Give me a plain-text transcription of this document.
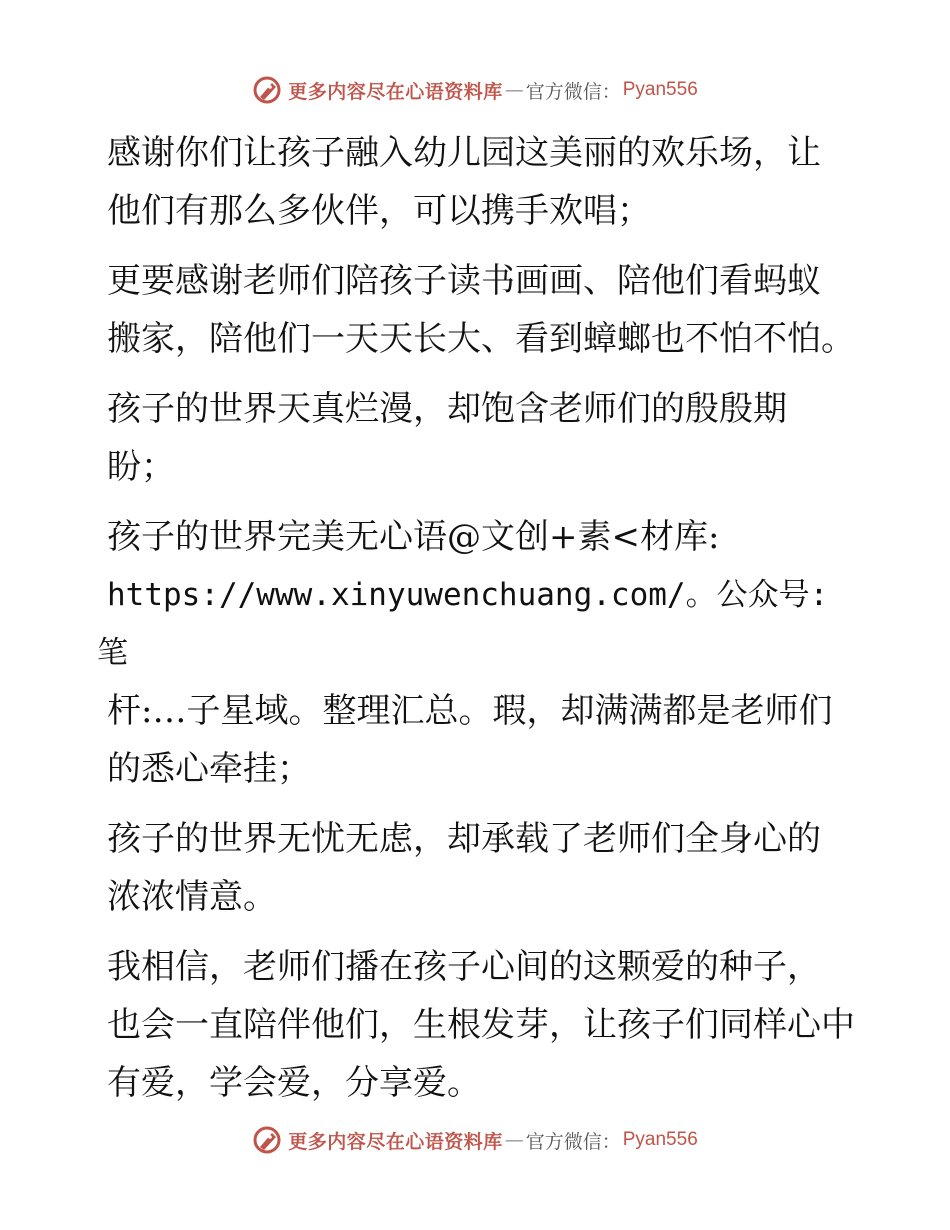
更多内容尽在心语资料库 — 官方微信： Pyan556
感谢你们让孩子融入幼儿园这美丽的欢乐场，让
他们有那么多伙伴，可以携手欢唱；
更要感谢老师们陪孩子读书画画、陪他们看蚂蚁
搬家，陪他们一天天长大、看到蟑螂也不怕不怕。
孩子的世界天真烂漫，却饱含老师们的殷殷期
盼；
孩子的世界完美无心语@文创+素<材库:
https://www.xinyuwenchuang.com/。公众号: 笔
杆:…子星域。整理汇总。瑕，却满满都是老师们
的悉心牵挂；
孩子的世界无忧无虑，却承载了老师们全身心的
浓浓情意。
我相信，老师们播在孩子心间的这颗爱的种子，
也会一直陪伴他们，生根发芽，让孩子们同样心中
有爱，学会爱，分享爱。
更多内容尽在心语资料库 — 官方微信： Pyan556
